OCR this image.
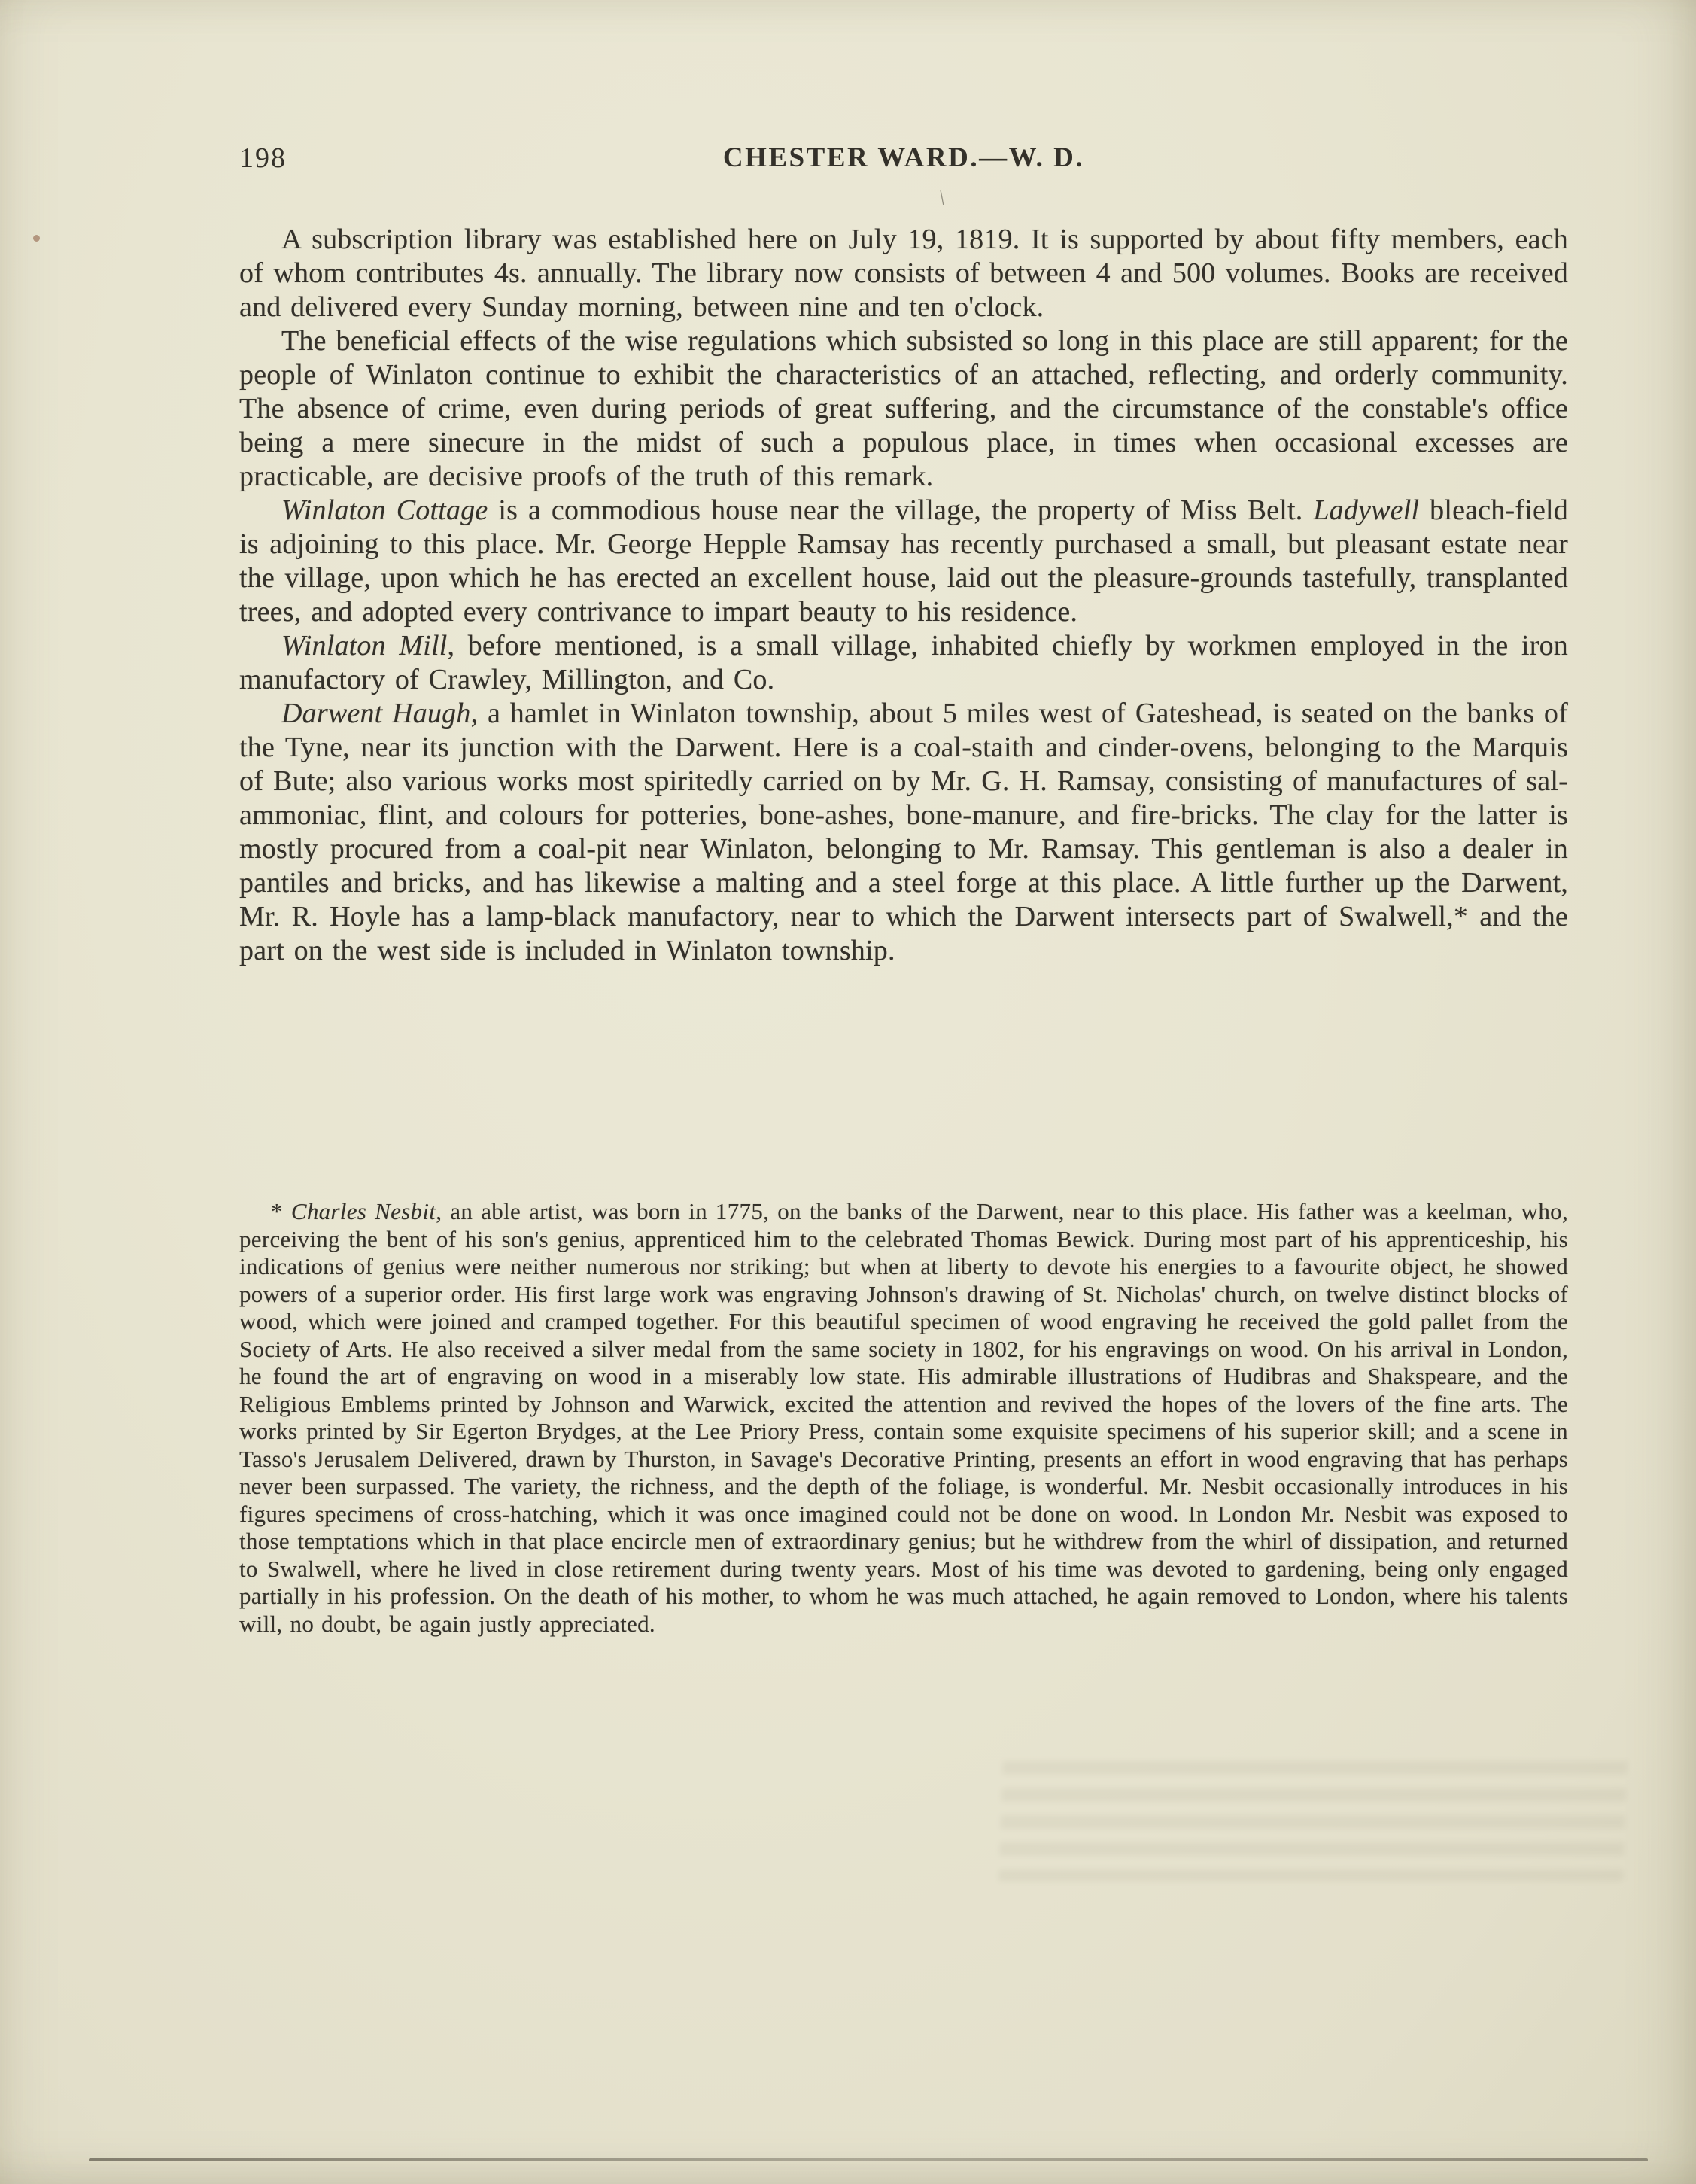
198	CHESTER WARD.—W. D.
\

A subscription library was established here on July 19, 1819. It is supported by about fifty members, each of whom contributes 4s. annually. The library now consists of between 4 and 500 volumes. Books are received and delivered every Sunday morning, between nine and ten o'clock.

The beneficial effects of the wise regulations which subsisted so long in this place are still apparent; for the people of Winlaton continue to exhibit the characteristics of an attached, reflecting, and orderly community. The absence of crime, even during periods of great suffering, and the circumstance of the constable's office being a mere sinecure in the midst of such a populous place, in times when occasional excesses are practicable, are decisive proofs of the truth of this remark.

Winlaton Cottage is a commodious house near the village, the property of Miss Belt. Ladywell bleach-field is adjoining to this place. Mr. George Hepple Ramsay has recently purchased a small, but pleasant estate near the village, upon which he has erected an excellent house, laid out the pleasure-grounds tastefully, transplanted trees, and adopted every contrivance to impart beauty to his residence.

Winlaton Mill, before mentioned, is a small village, inhabited chiefly by workmen employed in the iron manufactory of Crawley, Millington, and Co.

Darwent Haugh, a hamlet in Winlaton township, about 5 miles west of Gateshead, is seated on the banks of the Tyne, near its junction with the Darwent. Here is a coal-staith and cinder-ovens, belonging to the Marquis of Bute; also various works most spiritedly carried on by Mr. G. H. Ramsay, consisting of manufactures of sal-ammoniac, flint, and colours for potteries, bone-ashes, bone-manure, and fire-bricks. The clay for the latter is mostly procured from a coal-pit near Winlaton, belonging to Mr. Ramsay. This gentleman is also a dealer in pantiles and bricks, and has likewise a malting and a steel forge at this place. A little further up the Darwent, Mr. R. Hoyle has a lamp-black manufactory, near to which the Darwent intersects part of Swalwell,* and the part on the west side is included in Winlaton township.

* Charles Nesbit, an able artist, was born in 1775, on the banks of the Darwent, near to this place. His father was a keelman, who, perceiving the bent of his son's genius, apprenticed him to the celebrated Thomas Bewick. During most part of his apprenticeship, his indications of genius were neither numerous nor striking; but when at liberty to devote his energies to a favourite object, he showed powers of a superior order. His first large work was engraving Johnson's drawing of St. Nicholas' church, on twelve distinct blocks of wood, which were joined and cramped together. For this beautiful specimen of wood engraving he received the gold pallet from the Society of Arts. He also received a silver medal from the same society in 1802, for his engravings on wood. On his arrival in London, he found the art of engraving on wood in a miserably low state. His admirable illustrations of Hudibras and Shakspeare, and the Religious Emblems printed by Johnson and Warwick, excited the attention and revived the hopes of the lovers of the fine arts. The works printed by Sir Egerton Brydges, at the Lee Priory Press, contain some exquisite specimens of his superior skill; and a scene in Tasso's Jerusalem Delivered, drawn by Thurston, in Savage's Decorative Printing, presents an effort in wood engraving that has perhaps never been surpassed. The variety, the richness, and the depth of the foliage, is wonderful. Mr. Nesbit occasionally introduces in his figures specimens of cross-hatching, which it was once imagined could not be done on wood. In London Mr. Nesbit was exposed to those temptations which in that place encircle men of extraordinary genius; but he withdrew from the whirl of dissipation, and returned to Swalwell, where he lived in close retirement during twenty years. Most of his time was devoted to gardening, being only engaged partially in his profession. On the death of his mother, to whom he was much attached, he again removed to London, where his talents will, no doubt, be again justly appreciated.
